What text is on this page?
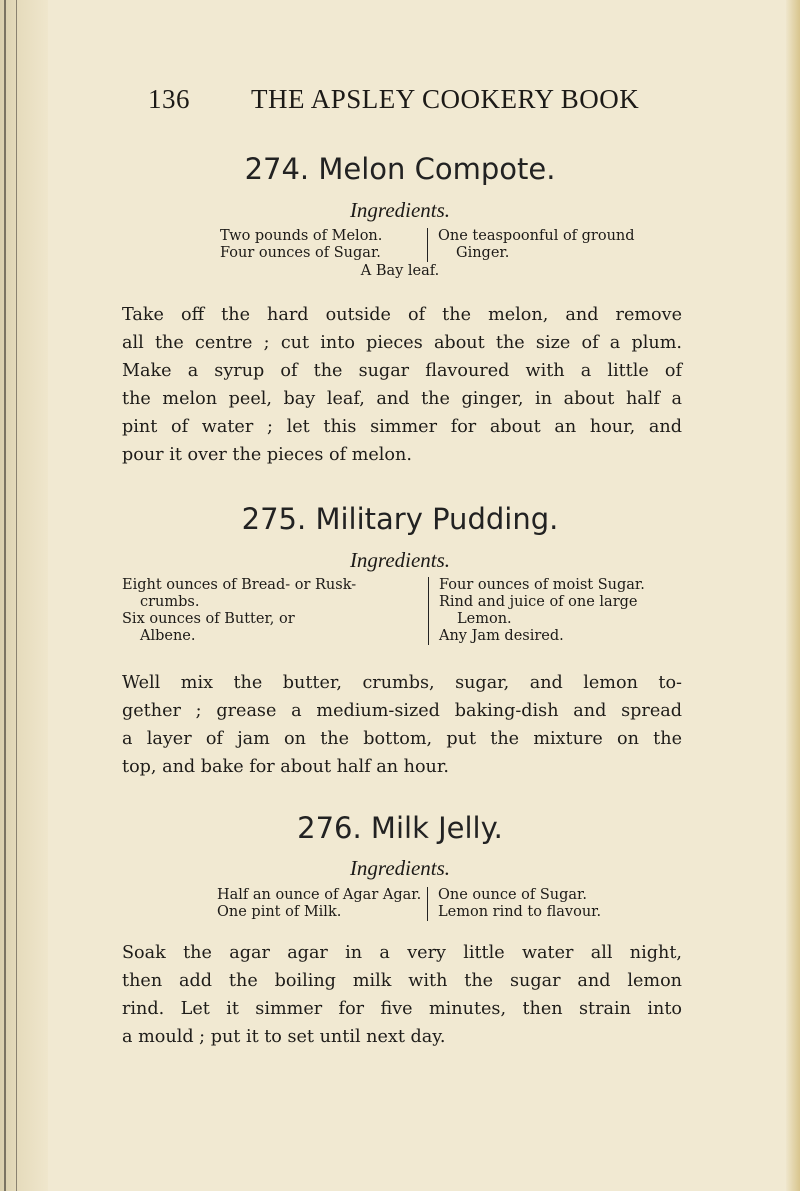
136 THE APSLEY COOKERY BOOK
274. Melon Compote.
Ingredients.
Two pounds of Melon.
Four ounces of Sugar.
One teaspoonful of ground
Ginger.
A Bay leaf.
Take off the hard outside of the melon, and remove
all the centre ; cut into pieces about the size of a plum.
Make a syrup of the sugar flavoured with a little of
the melon peel, bay leaf, and the ginger, in about half a
pint of water ; let this simmer for about an hour, and
pour it over the pieces of melon.
275. Military Pudding.
Ingredients.
Eight ounces of Bread- or Rusk-
crumbs.
Six ounces of Butter, or
Albene.
Four ounces of moist Sugar.
Rind and juice of one large
Lemon.
Any Jam desired.
Well mix the butter, crumbs, sugar, and lemon to-
gether ; grease a medium-sized baking-dish and spread
a layer of jam on the bottom, put the mixture on the
top, and bake for about half an hour.
276. Milk Jelly.
Ingredients.
Half an ounce of Agar Agar.
One pint of Milk.
One ounce of Sugar.
Lemon rind to flavour.
Soak the agar agar in a very little water all night,
then add the boiling milk with the sugar and lemon
rind. Let it simmer for five minutes, then strain into
a mould ; put it to set until next day.
